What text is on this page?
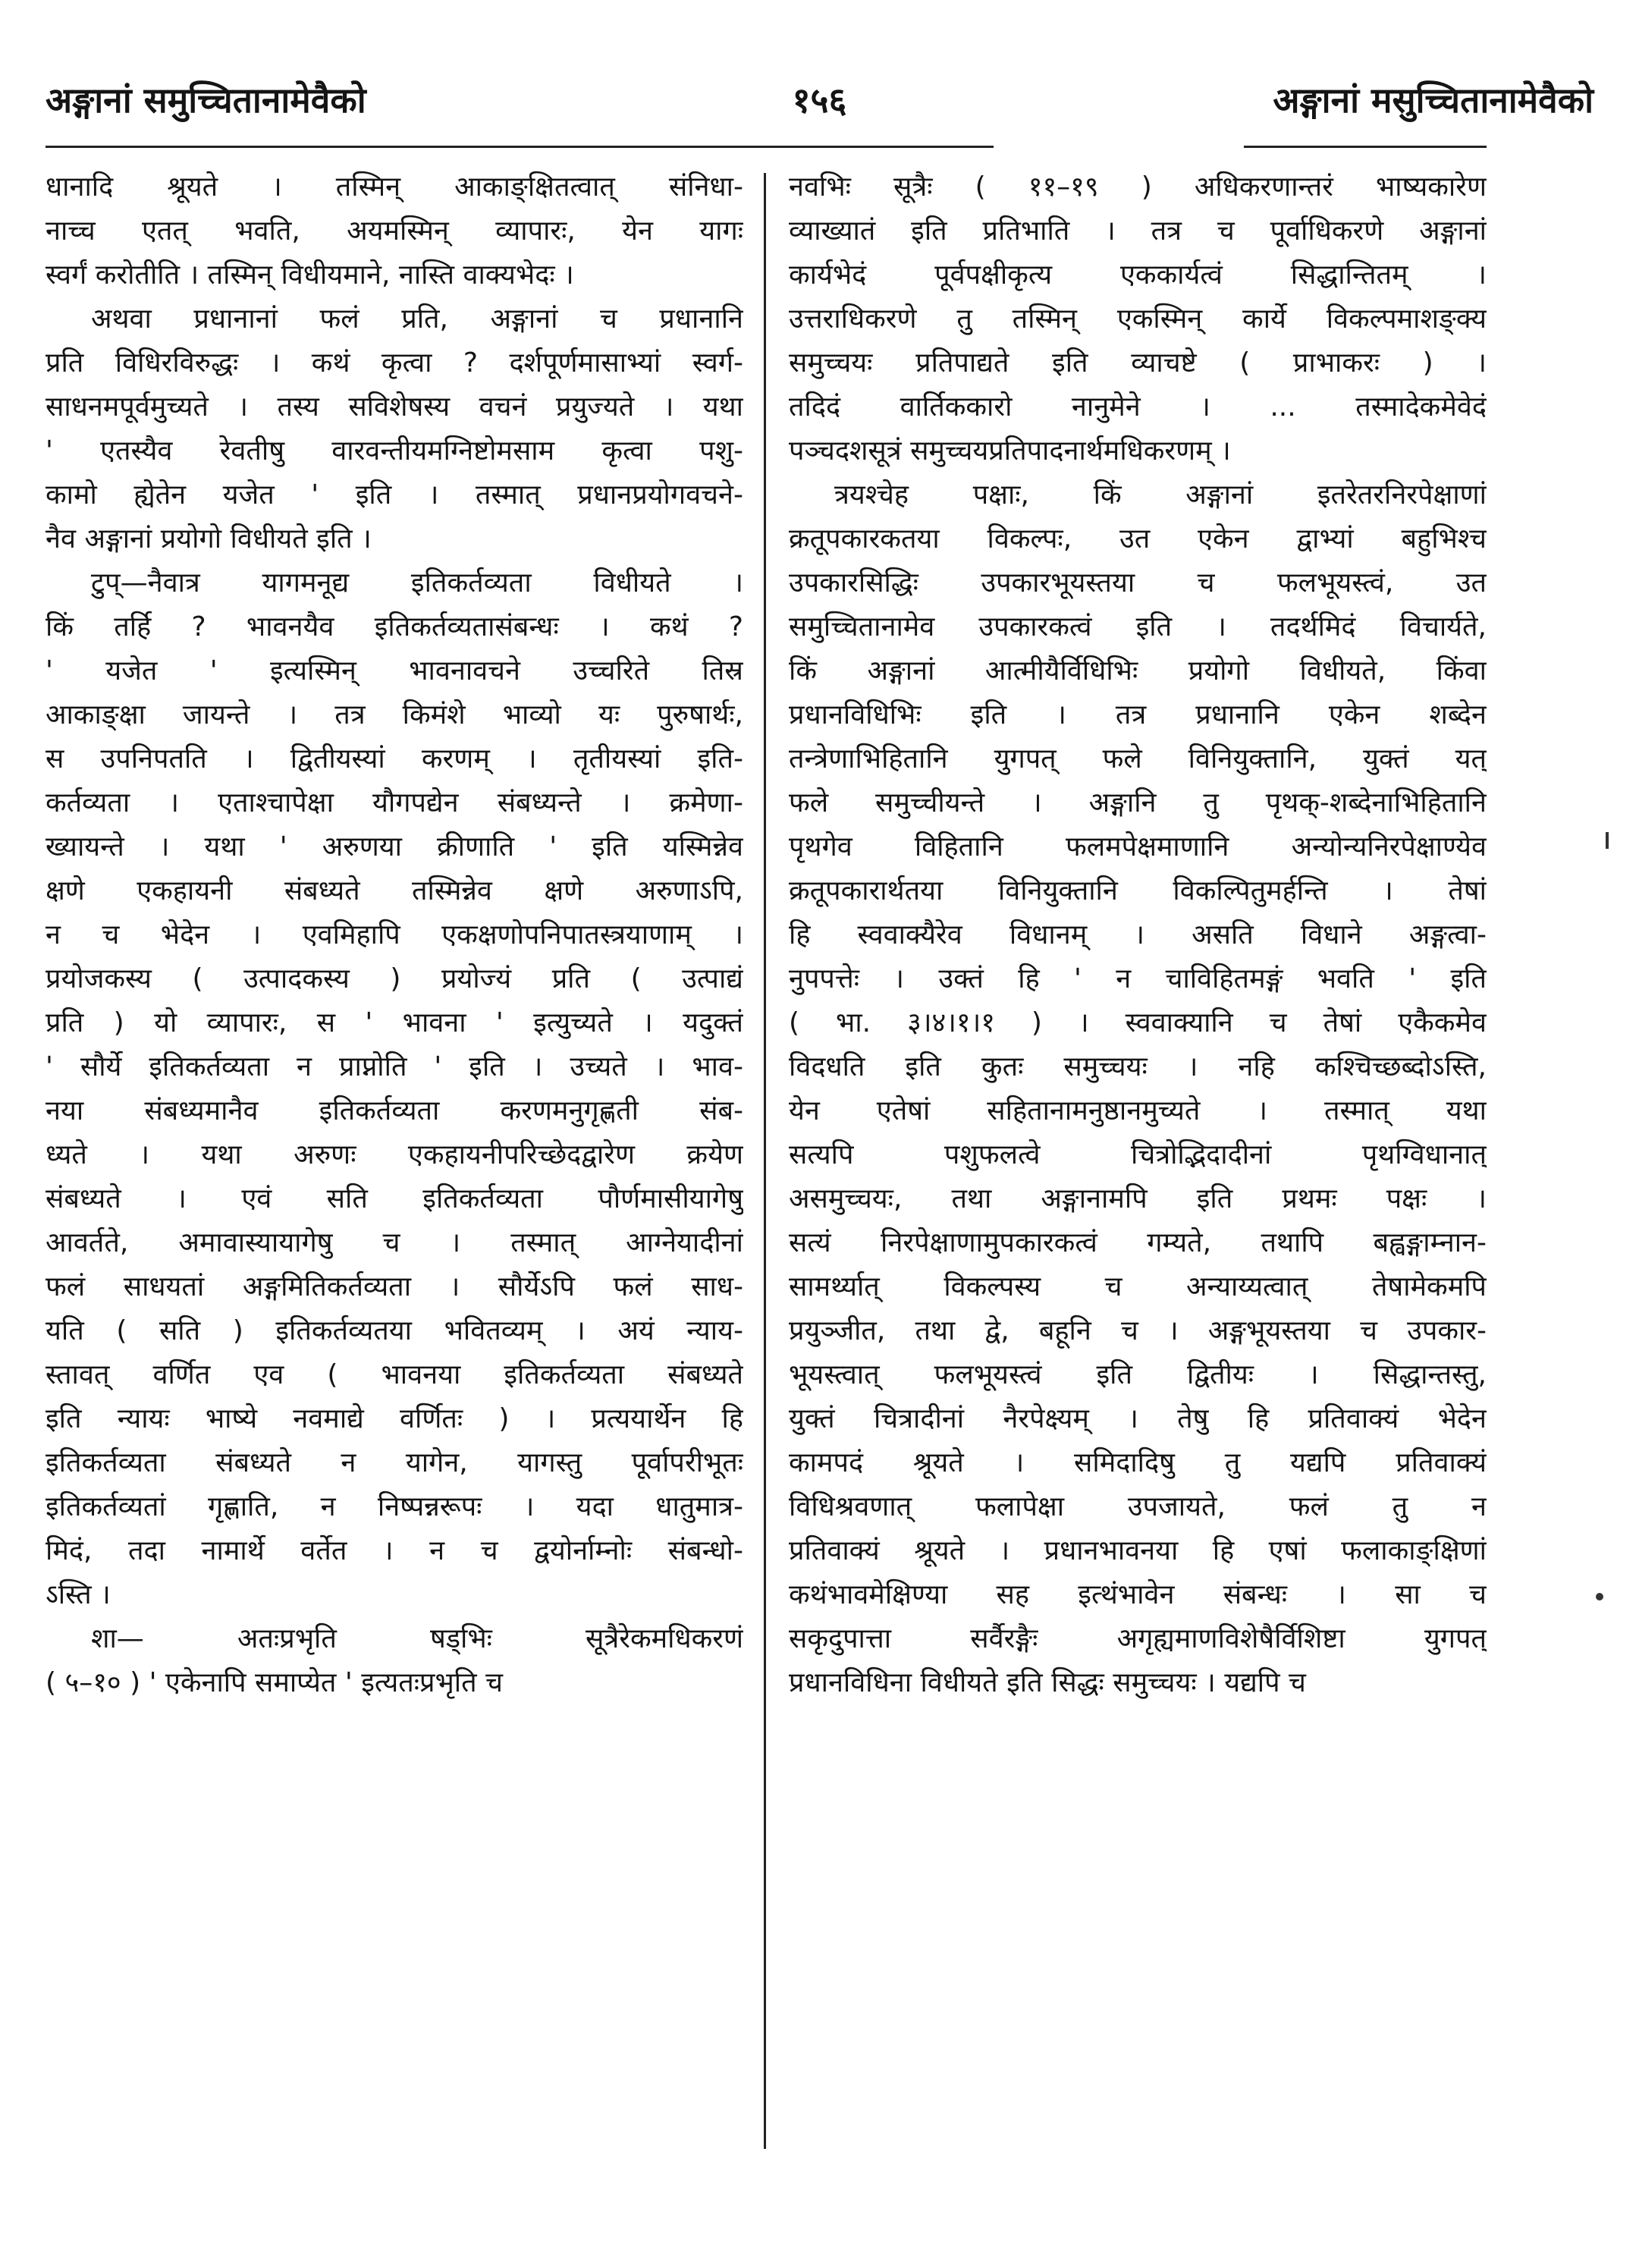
अङ्गानां समुच्चितानामेवैको	१५६	अङ्गानां मसुच्चितानामेवैको
धानादि श्रूयते । तस्मिन् आकाङ्क्षितत्वात् संनिधा-
नाच्च एतत् भवति, अयमस्मिन् व्यापारः, येन यागः
स्वर्गं करोतीति । तस्मिन् विधीयमाने, नास्ति वाक्यभेदः ।
अथवा प्रधानानां फलं प्रति, अङ्गानां च प्रधानानि
प्रति विधिरविरुद्धः । कथं कृत्वा ? दर्शपूर्णमासाभ्यां स्वर्ग-
साधनमपूर्वमुच्यते । तस्य सविशेषस्य वचनं प्रयुज्यते । यथा
' एतस्यैव रेवतीषु वारवन्तीयमग्निष्टोमसाम कृत्वा पशु-
कामो ह्येतेन यजेत ' इति । तस्मात् प्रधानप्रयोगवचने-
नैव अङ्गानां प्रयोगो विधीयते इति ।
टुप्—नैवात्र यागमनूद्य इतिकर्तव्यता विधीयते ।
किं तर्हि ? भावनयैव इतिकर्तव्यतासंबन्धः । कथं ?
' यजेत ' इत्यस्मिन् भावनावचने उच्चरिते तिस्र
आकाङ्क्षा जायन्ते । तत्र किमंशे भाव्यो यः पुरुषार्थः,
स उपनिपतति । द्वितीयस्यां करणम् । तृतीयस्यां इति-
कर्तव्यता । एताश्चापेक्षा यौगपद्येन संबध्यन्ते । क्रमेणा-
ख्यायन्ते । यथा ' अरुणया क्रीणाति ' इति यस्मिन्नेव
क्षणे एकहायनी संबध्यते तस्मिन्नेव क्षणे अरुणाऽपि,
न च भेदेन । एवमिहापि एकक्षणोपनिपातस्त्रयाणाम् ।
प्रयोजकस्य ( उत्पादकस्य ) प्रयोज्यं प्रति ( उत्पाद्यं
प्रति ) यो व्यापारः, स ' भावना ' इत्युच्यते । यदुक्तं
' सौर्ये इतिकर्तव्यता न प्राप्नोति ' इति । उच्यते । भाव-
नया संबध्यमानैव इतिकर्तव्यता करणमनुगृह्णती संब-
ध्यते । यथा अरुणः एकहायनीपरिच्छेदद्वारेण क्रयेण
संबध्यते । एवं सति इतिकर्तव्यता पौर्णमासीयागेषु
आवर्तते, अमावास्यायागेषु च । तस्मात् आग्नेयादीनां
फलं साधयतां अङ्गमितिकर्तव्यता । सौर्येऽपि फलं साध-
यति ( सति ) इतिकर्तव्यतया भवितव्यम् । अयं न्याय-
स्तावत् वर्णित एव ( भावनया इतिकर्तव्यता संबध्यते
इति न्यायः भाष्ये नवमाद्ये वर्णितः ) । प्रत्ययार्थेन हि
इतिकर्तव्यता संबध्यते न यागेन, यागस्तु पूर्वापरीभूतः
इतिकर्तव्यतां गृह्णाति, न निष्पन्नरूपः । यदा धातुमात्र-
मिदं, तदा नामार्थे वर्तेत । न च द्वयोर्नाम्नोः संबन्धो-
ऽस्ति ।
शा— अतःप्रभृति षड्भिः सूत्रैरेकमधिकरणं
( ५–१० ) ' एकेनापि समाप्येत ' इत्यतःप्रभृति च
नवभिः सूत्रैः ( ११–१९ ) अधिकरणान्तरं भाष्यकारेण
व्याख्यातं इति प्रतिभाति । तत्र च पूर्वाधिकरणे अङ्गानां
कार्यभेदं पूर्वपक्षीकृत्य एककार्यत्वं सिद्धान्तितम् ।
उत्तराधिकरणे तु तस्मिन् एकस्मिन् कार्ये विकल्पमाशङ्क्य
समुच्चयः प्रतिपाद्यते इति व्याचष्टे ( प्राभाकरः ) ।
तदिदं वार्तिककारो नानुमेने । ... तस्मादेकमेवेदं
पञ्चदशसूत्रं समुच्चयप्रतिपादनार्थमधिकरणम् ।
त्रयश्चेह पक्षाः, किं अङ्गानां इतरेतरनिरपेक्षाणां
क्रतूपकारकतया विकल्पः, उत एकेन द्वाभ्यां बहुभिश्च
उपकारसिद्धिः उपकारभूयस्तया च फलभूयस्त्वं, उत
समुच्चितानामेव उपकारकत्वं इति । तदर्थमिदं विचार्यते,
किं अङ्गानां आत्मीयैर्विधिभिः प्रयोगो विधीयते, किंवा
प्रधानविधिभिः इति । तत्र प्रधानानि एकेन शब्देन
तन्त्रेणाभिहितानि युगपत् फले विनियुक्तानि, युक्तं यत्
फले समुच्चीयन्ते । अङ्गानि तु पृथक्-शब्देनाभिहितानि
पृथगेव विहितानि फलमपेक्षमाणानि अन्योन्यनिरपेक्षाण्येव
क्रतूपकारार्थतया विनियुक्तानि विकल्पितुमर्हन्ति । तेषां
हि स्ववाक्यैरेव विधानम् । असति विधाने अङ्गत्वा-
नुपपत्तेः । उक्तं हि ' न चाविहितमङ्गं भवति ' इति
( भा. ३।४।१।१ ) । स्ववाक्यानि च तेषां एकैकमेव
विदधति इति कुतः समुच्चयः । नहि कश्चिच्छब्दोऽस्ति,
येन एतेषां सहितानामनुष्ठानमुच्यते । तस्मात् यथा
सत्यपि पशुफलत्वे चित्रोद्भिदादीनां पृथग्विधानात्
असमुच्चयः, तथा अङ्गानामपि इति प्रथमः पक्षः ।
सत्यं निरपेक्षाणामुपकारकत्वं गम्यते, तथापि बह्वङ्गाम्नान-
सामर्थ्यात् विकल्पस्य च अन्याय्यत्वात् तेषामेकमपि
प्रयुञ्जीत, तथा द्वे, बहूनि च । अङ्गभूयस्तया च उपकार-
भूयस्त्वात् फलभूयस्त्वं इति द्वितीयः । सिद्धान्तस्तु,
युक्तं चित्रादीनां नैरपेक्ष्यम् । तेषु हि प्रतिवाक्यं भेदेन
कामपदं श्रूयते । समिदादिषु तु यद्यपि प्रतिवाक्यं
विधिश्रवणात् फलापेक्षा उपजायते, फलं तु न
प्रतिवाक्यं श्रूयते । प्रधानभावनया हि एषां फलाकाङ्क्षिणां
कथंभावमेक्षिण्या सह इत्थंभावेन संबन्धः । सा च
सकृदुपात्ता सर्वैरङ्गैः अगृह्यमाणविशेषैर्विशिष्टा युगपत्
प्रधानविधिना विधीयते इति सिद्धः समुच्चयः । यद्यपि च
